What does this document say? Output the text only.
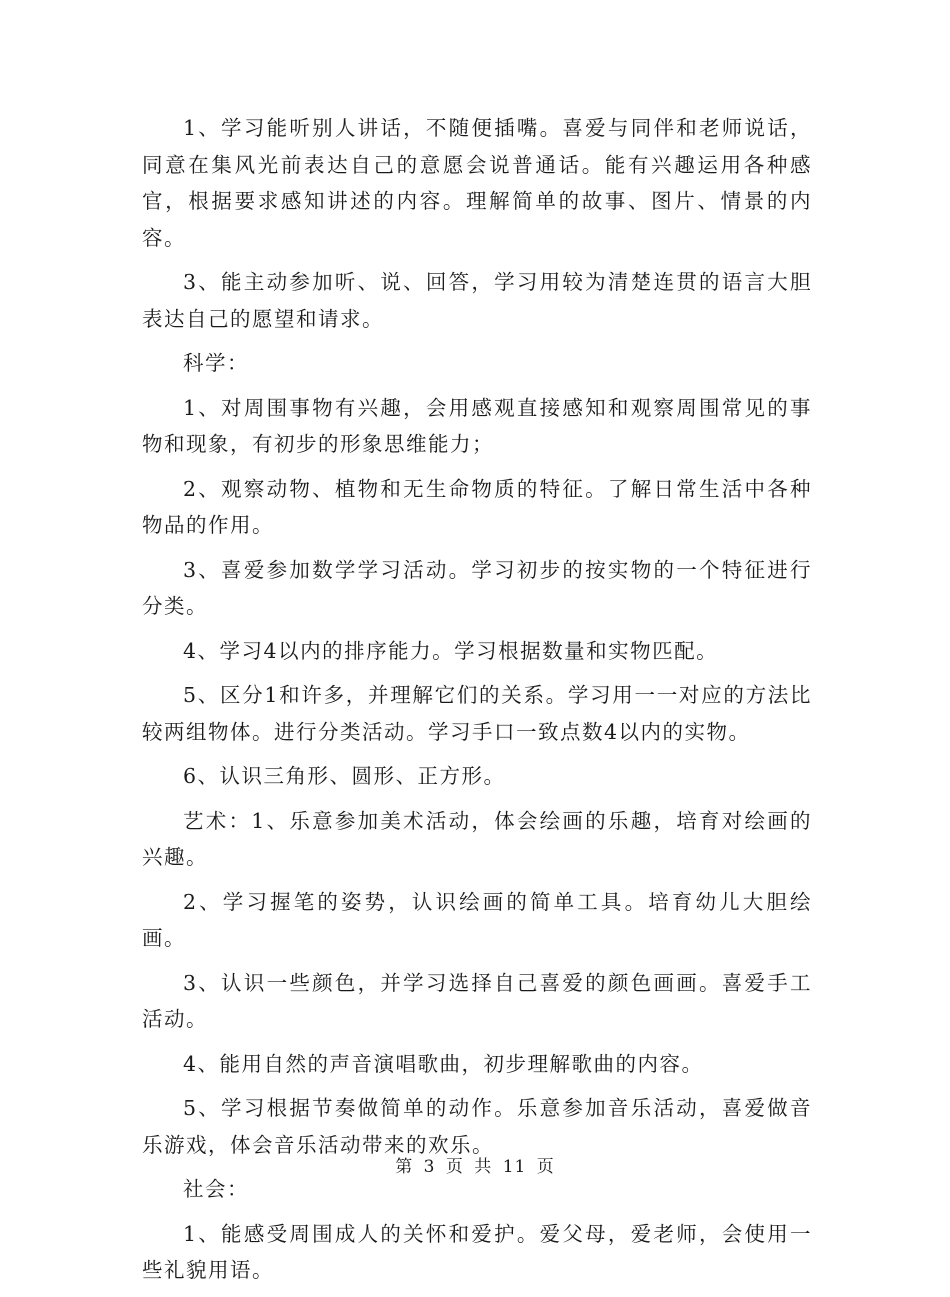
1、学习能听别人讲话，不随便插嘴。喜爱与同伴和老师说话，同意在集风光前表达自己的意愿会说普通话。能有兴趣运用各种感官，根据要求感知讲述的内容。理解简单的故事、图片、情景的内容。

3、能主动参加听、说、回答，学习用较为清楚连贯的语言大胆表达自己的愿望和请求。

科学：

1、对周围事物有兴趣，会用感观直接感知和观察周围常见的事物和现象，有初步的形象思维能力；

2、观察动物、植物和无生命物质的特征。了解日常生活中各种物品的作用。

3、喜爱参加数学学习活动。学习初步的按实物的一个特征进行分类。

4、学习4以内的排序能力。学习根据数量和实物匹配。

5、区分1和许多，并理解它们的关系。学习用一一对应的方法比较两组物体。进行分类活动。学习手口一致点数4以内的实物。

6、认识三角形、圆形、正方形。

艺术：1、乐意参加美术活动，体会绘画的乐趣，培育对绘画的兴趣。

2、学习握笔的姿势，认识绘画的简单工具。培育幼儿大胆绘画。

3、认识一些颜色，并学习选择自己喜爱的颜色画画。喜爱手工活动。

4、能用自然的声音演唱歌曲，初步理解歌曲的内容。

5、学习根据节奏做简单的动作。乐意参加音乐活动，喜爱做音乐游戏，体会音乐活动带来的欢乐。

社会：

1、能感受周围成人的关怀和爱护。爱父母，爱老师，会使用一些礼貌用语。

第 3 页 共 11 页
